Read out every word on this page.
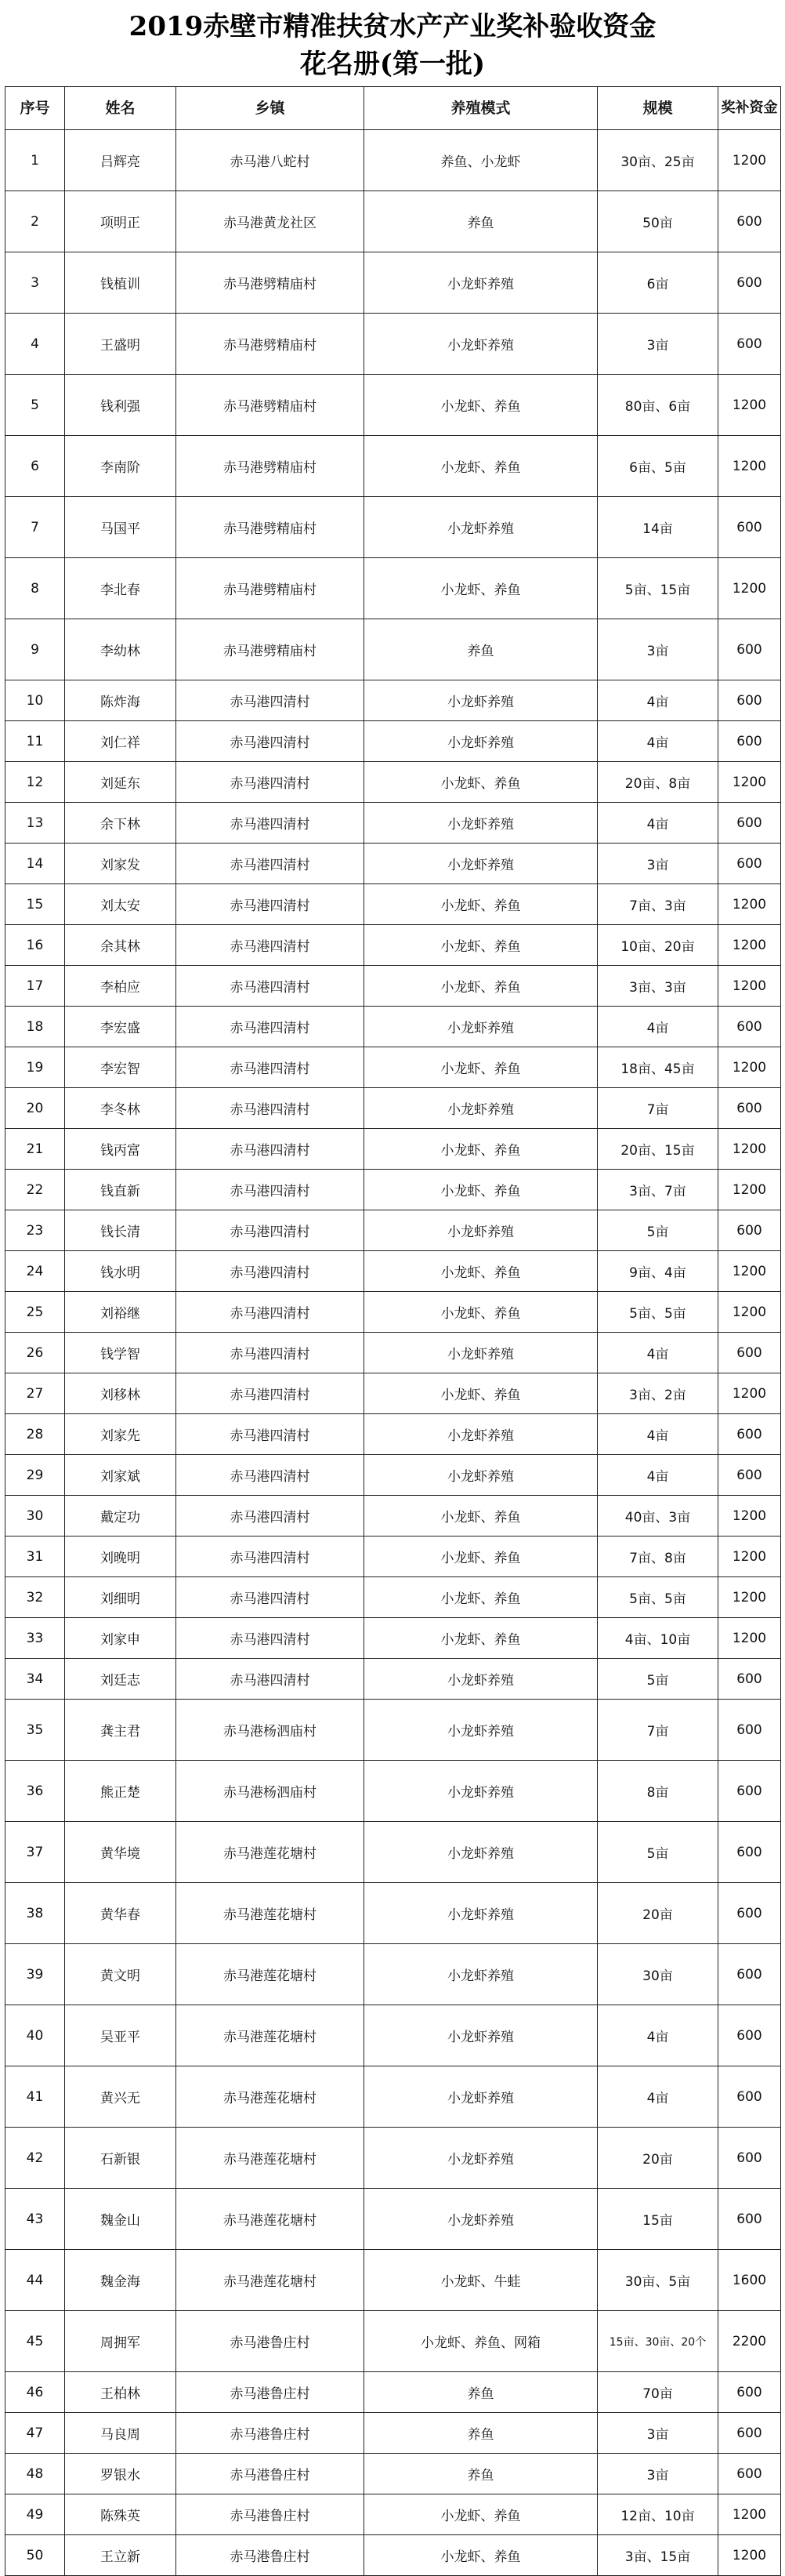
2019赤壁市精准扶贫水产产业奖补验收资金
花名册(第一批)
序号	姓名	乡镇	养殖模式	规模	奖补资金
1	吕辉亮	赤马港八蛇村	养鱼、小龙虾	30亩、25亩	1200
2	项明正	赤马港黄龙社区	养鱼	50亩	600
3	钱植训	赤马港劈精庙村	小龙虾养殖	6亩	600
4	王盛明	赤马港劈精庙村	小龙虾养殖	3亩	600
5	钱利强	赤马港劈精庙村	小龙虾、养鱼	80亩、6亩	1200
6	李南阶	赤马港劈精庙村	小龙虾、养鱼	6亩、5亩	1200
7	马国平	赤马港劈精庙村	小龙虾养殖	14亩	600
8	李北春	赤马港劈精庙村	小龙虾、养鱼	5亩、15亩	1200
9	李幼林	赤马港劈精庙村	养鱼	3亩	600
10	陈炸海	赤马港四清村	小龙虾养殖	4亩	600
11	刘仁祥	赤马港四清村	小龙虾养殖	4亩	600
12	刘延东	赤马港四清村	小龙虾、养鱼	20亩、8亩	1200
13	余下林	赤马港四清村	小龙虾养殖	4亩	600
14	刘家发	赤马港四清村	小龙虾养殖	3亩	600
15	刘太安	赤马港四清村	小龙虾、养鱼	7亩、3亩	1200
16	余其林	赤马港四清村	小龙虾、养鱼	10亩、20亩	1200
17	李柏应	赤马港四清村	小龙虾、养鱼	3亩、3亩	1200
18	李宏盛	赤马港四清村	小龙虾养殖	4亩	600
19	李宏智	赤马港四清村	小龙虾、养鱼	18亩、45亩	1200
20	李冬林	赤马港四清村	小龙虾养殖	7亩	600
21	钱丙富	赤马港四清村	小龙虾、养鱼	20亩、15亩	1200
22	钱直新	赤马港四清村	小龙虾、养鱼	3亩、7亩	1200
23	钱长清	赤马港四清村	小龙虾养殖	5亩	600
24	钱水明	赤马港四清村	小龙虾、养鱼	9亩、4亩	1200
25	刘裕继	赤马港四清村	小龙虾、养鱼	5亩、5亩	1200
26	钱学智	赤马港四清村	小龙虾养殖	4亩	600
27	刘移林	赤马港四清村	小龙虾、养鱼	3亩、2亩	1200
28	刘家先	赤马港四清村	小龙虾养殖	4亩	600
29	刘家斌	赤马港四清村	小龙虾养殖	4亩	600
30	戴定功	赤马港四清村	小龙虾、养鱼	40亩、3亩	1200
31	刘晚明	赤马港四清村	小龙虾、养鱼	7亩、8亩	1200
32	刘细明	赤马港四清村	小龙虾、养鱼	5亩、5亩	1200
33	刘家申	赤马港四清村	小龙虾、养鱼	4亩、10亩	1200
34	刘廷志	赤马港四清村	小龙虾养殖	5亩	600
35	龚主君	赤马港杨泗庙村	小龙虾养殖	7亩	600
36	熊正楚	赤马港杨泗庙村	小龙虾养殖	8亩	600
37	黄华境	赤马港莲花塘村	小龙虾养殖	5亩	600
38	黄华春	赤马港莲花塘村	小龙虾养殖	20亩	600
39	黄文明	赤马港莲花塘村	小龙虾养殖	30亩	600
40	吴亚平	赤马港莲花塘村	小龙虾养殖	4亩	600
41	黄兴无	赤马港莲花塘村	小龙虾养殖	4亩	600
42	石新银	赤马港莲花塘村	小龙虾养殖	20亩	600
43	魏金山	赤马港莲花塘村	小龙虾养殖	15亩	600
44	魏金海	赤马港莲花塘村	小龙虾、牛蛙	30亩、5亩	1600
45	周拥军	赤马港鲁庄村	小龙虾、养鱼、网箱	15亩、30亩、20个	2200
46	王柏林	赤马港鲁庄村	养鱼	70亩	600
47	马良周	赤马港鲁庄村	养鱼	3亩	600
48	罗银水	赤马港鲁庄村	养鱼	3亩	600
49	陈殊英	赤马港鲁庄村	小龙虾、养鱼	12亩、10亩	1200
50	王立新	赤马港鲁庄村	小龙虾、养鱼	3亩、15亩	1200
